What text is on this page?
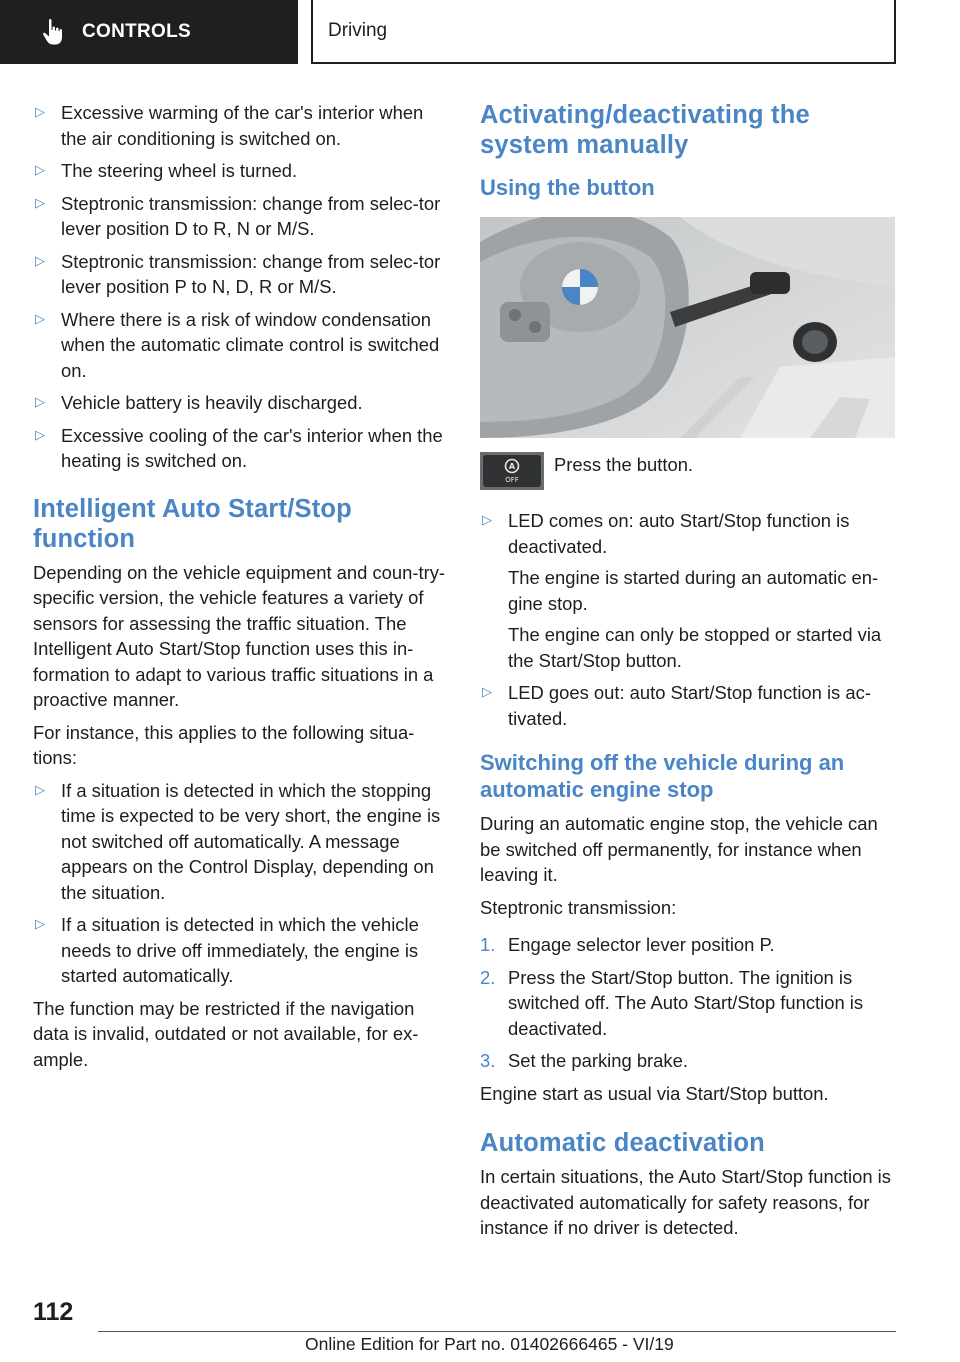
CONTROLS	Driving
▷ Excessive warming of the car's interior when the air conditioning is switched on.
▷ The steering wheel is turned.
▷ Steptronic transmission: change from selec‐tor lever position D to R, N or M/S.
▷ Steptronic transmission: change from selec‐tor lever position P to N, D, R or M/S.
▷ Where there is a risk of window condensation when the automatic climate control is switched on.
▷ Vehicle battery is heavily discharged.
▷ Excessive cooling of the car's interior when the heating is switched on.
Intelligent Auto Start/Stop function

Depending on the vehicle equipment and coun‐try-specific version, the vehicle features a variety of sensors for assessing the traffic situation. The Intelligent Auto Start/Stop function uses this in‐formation to adapt to various traffic situations in a proactive manner.

For instance, this applies to the following situa‐tions:

▷ If a situation is detected in which the stopping time is expected to be very short, the engine is not switched off automatically. A message appears on the Control Display, depending on the situation.
▷ If a situation is detected in which the vehicle needs to drive off immediately, the engine is started automatically.

The function may be restricted if the navigation data is invalid, outdated or not available, for ex‐ample.

Activating/deactivating the system manually
Using the button
A
OFF
Press the button.
▷ LED comes on: auto Start/Stop function is deactivated.

The engine is started during an automatic en‐gine stop.

The engine can only be stopped or started via the Start/Stop button.

▷ LED goes out: auto Start/Stop function is ac‐tivated.
Switching off the vehicle during an automatic engine stop

During an automatic engine stop, the vehicle can be switched off permanently, for instance when leaving it.

Steptronic transmission:

1. Engage selector lever position P.
2. Press the Start/Stop button. The ignition is switched off. The Auto Start/Stop function is deactivated.
3. Set the parking brake.

Engine start as usual via Start/Stop button.

Automatic deactivation

In certain situations, the Auto Start/Stop function is deactivated automatically for safety reasons, for instance if no driver is detected.

112
Online Edition for Part no. 01402666465 - VI/19
